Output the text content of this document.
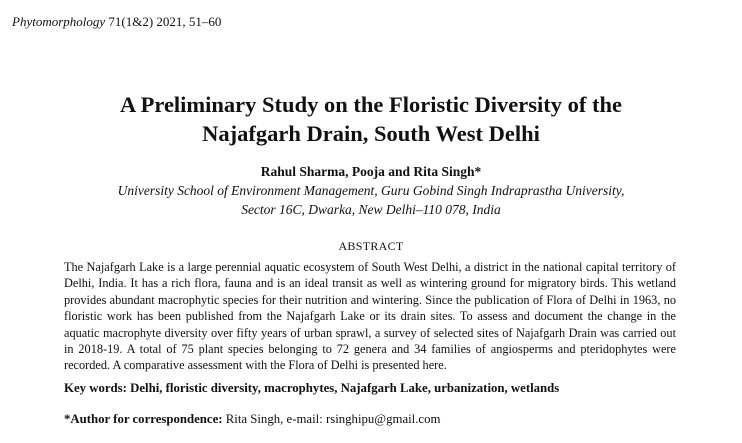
Phytomorphology 71(1&2) 2021, 51–60
A Preliminary Study on the Floristic Diversity of the
Najafgarh Drain, South West Delhi
Rahul Sharma, Pooja and Rita Singh*
University School of Environment Management, Guru Gobind Singh Indraprastha University,
Sector 16C, Dwarka, New Delhi–110 078, India
ABSTRACT
The Najafgarh Lake is a large perennial aquatic ecosystem of South West Delhi, a district in the national capital territory of Delhi, India. It has a rich flora, fauna and is an ideal transit as well as wintering ground for migratory birds. This wetland provides abundant macrophytic species for their nutrition and wintering. Since the publication of Flora of Delhi in 1963, no floristic work has been published from the Najafgarh Lake or its drain sites. To assess and document the change in the aquatic macrophyte diversity over fifty years of urban sprawl, a survey of selected sites of Najafgarh Drain was carried out in 2018-19. A total of 75 plant species belonging to 72 genera and 34 families of angiosperms and pteridophytes were recorded. A comparative assessment with the Flora of Delhi is presented here.
Key words: Delhi, floristic diversity, macrophytes, Najafgarh Lake, urbanization, wetlands
*Author for correspondence: Rita Singh, e-mail: rsinghipu@gmail.com
